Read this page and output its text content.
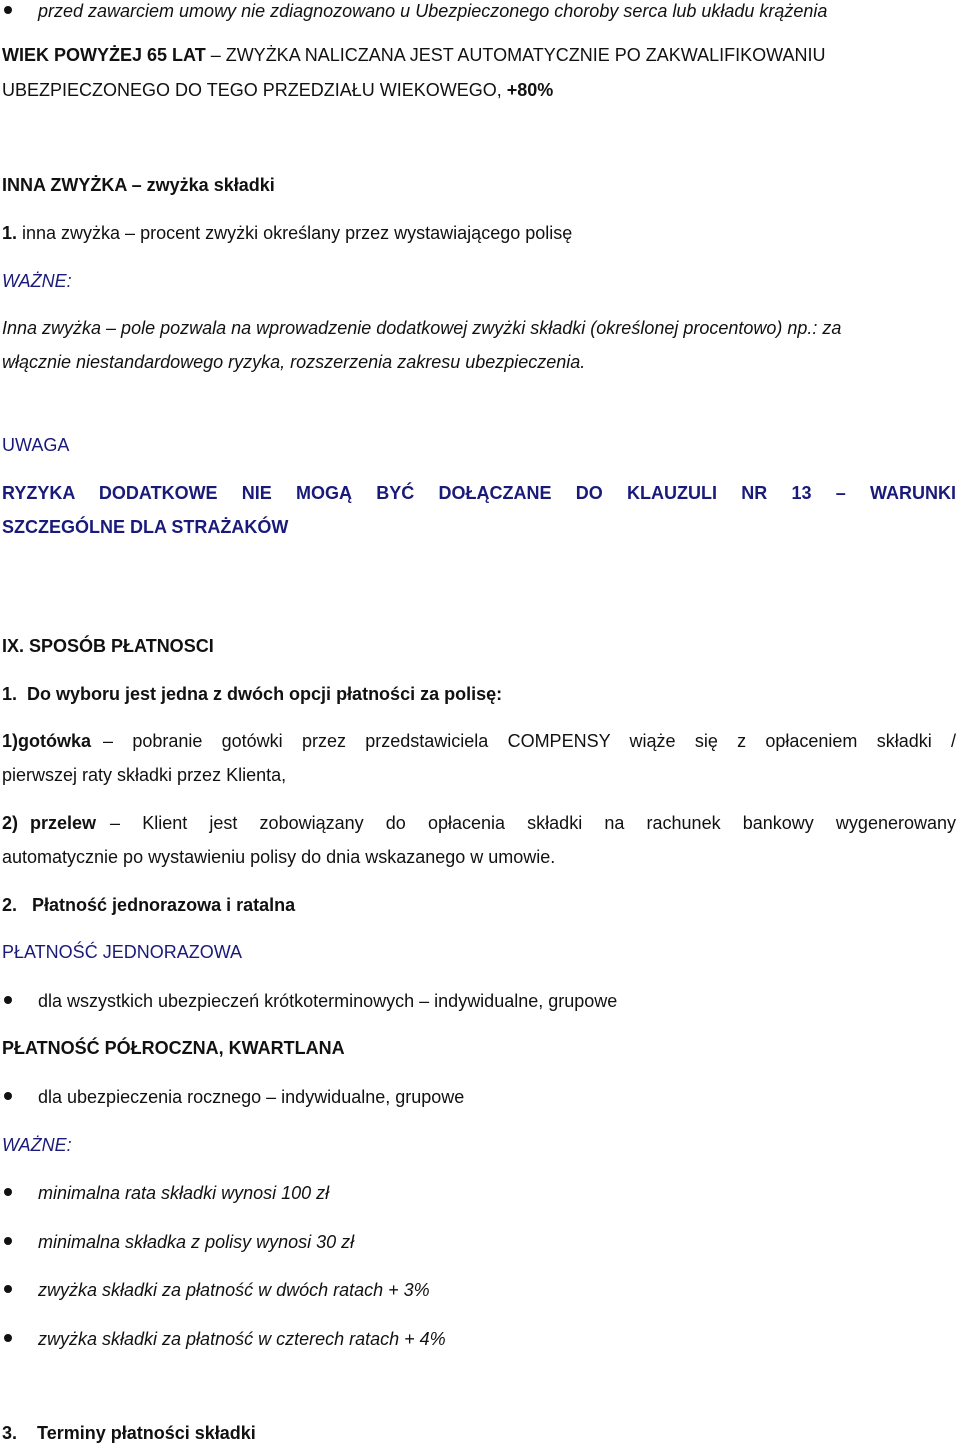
przed zawarciem umowy nie zdiagnozowano u Ubezpieczonego choroby serca lub układu krążenia
WIEK POWYŻEJ 65 LAT – ZWYŻKA NALICZANA JEST AUTOMATYCZNIE PO ZAKWALIFIKOWANIU
UBEZPIECZONEGO DO TEGO PRZEDZIAŁU WIEKOWEGO, +80%
INNA ZWYŻKA – zwyżka składki
1. inna zwyżka – procent zwyżki określany przez wystawiającego polisę
WAŻNE:
Inna zwyżka – pole pozwala na wprowadzenie dodatkowej zwyżki składki (określonej procentowo) np.: za
włącznie niestandardowego ryzyka, rozszerzenia zakresu ubezpieczenia.
UWAGA
RYZYKA DODATKOWE NIE MOGĄ BYĆ DOŁĄCZANE DO KLAUZULI NR 13 – WARUNKI
SZCZEGÓLNE DLA STRAŻAKÓW
IX. SPOSÓB PŁATNOSCI
1. Do wyboru jest jedna z dwóch opcji płatności za polisę:
1) gotówka – pobranie gotówki przez przedstawiciela COMPENSY wiąże się z opłaceniem składki /
pierwszej raty składki przez Klienta,
2) przelew – Klient jest zobowiązany do opłacenia składki na rachunek bankowy wygenerowany
automatycznie po wystawieniu polisy do dnia wskazanego w umowie.
2. Płatność jednorazowa i ratalna
PŁATNOŚĆ JEDNORAZOWA
dla wszystkich ubezpieczeń krótkoterminowych – indywidualne, grupowe
PŁATNOŚĆ PÓŁROCZNA, KWARTLANA
dla ubezpieczenia rocznego – indywidualne, grupowe
WAŻNE:
minimalna rata składki wynosi 100 zł
minimalna składka z polisy wynosi 30 zł
zwyżka składki za płatność w dwóch ratach + 3%
zwyżka składki za płatność w czterech ratach + 4%
3. Terminy płatności składki
